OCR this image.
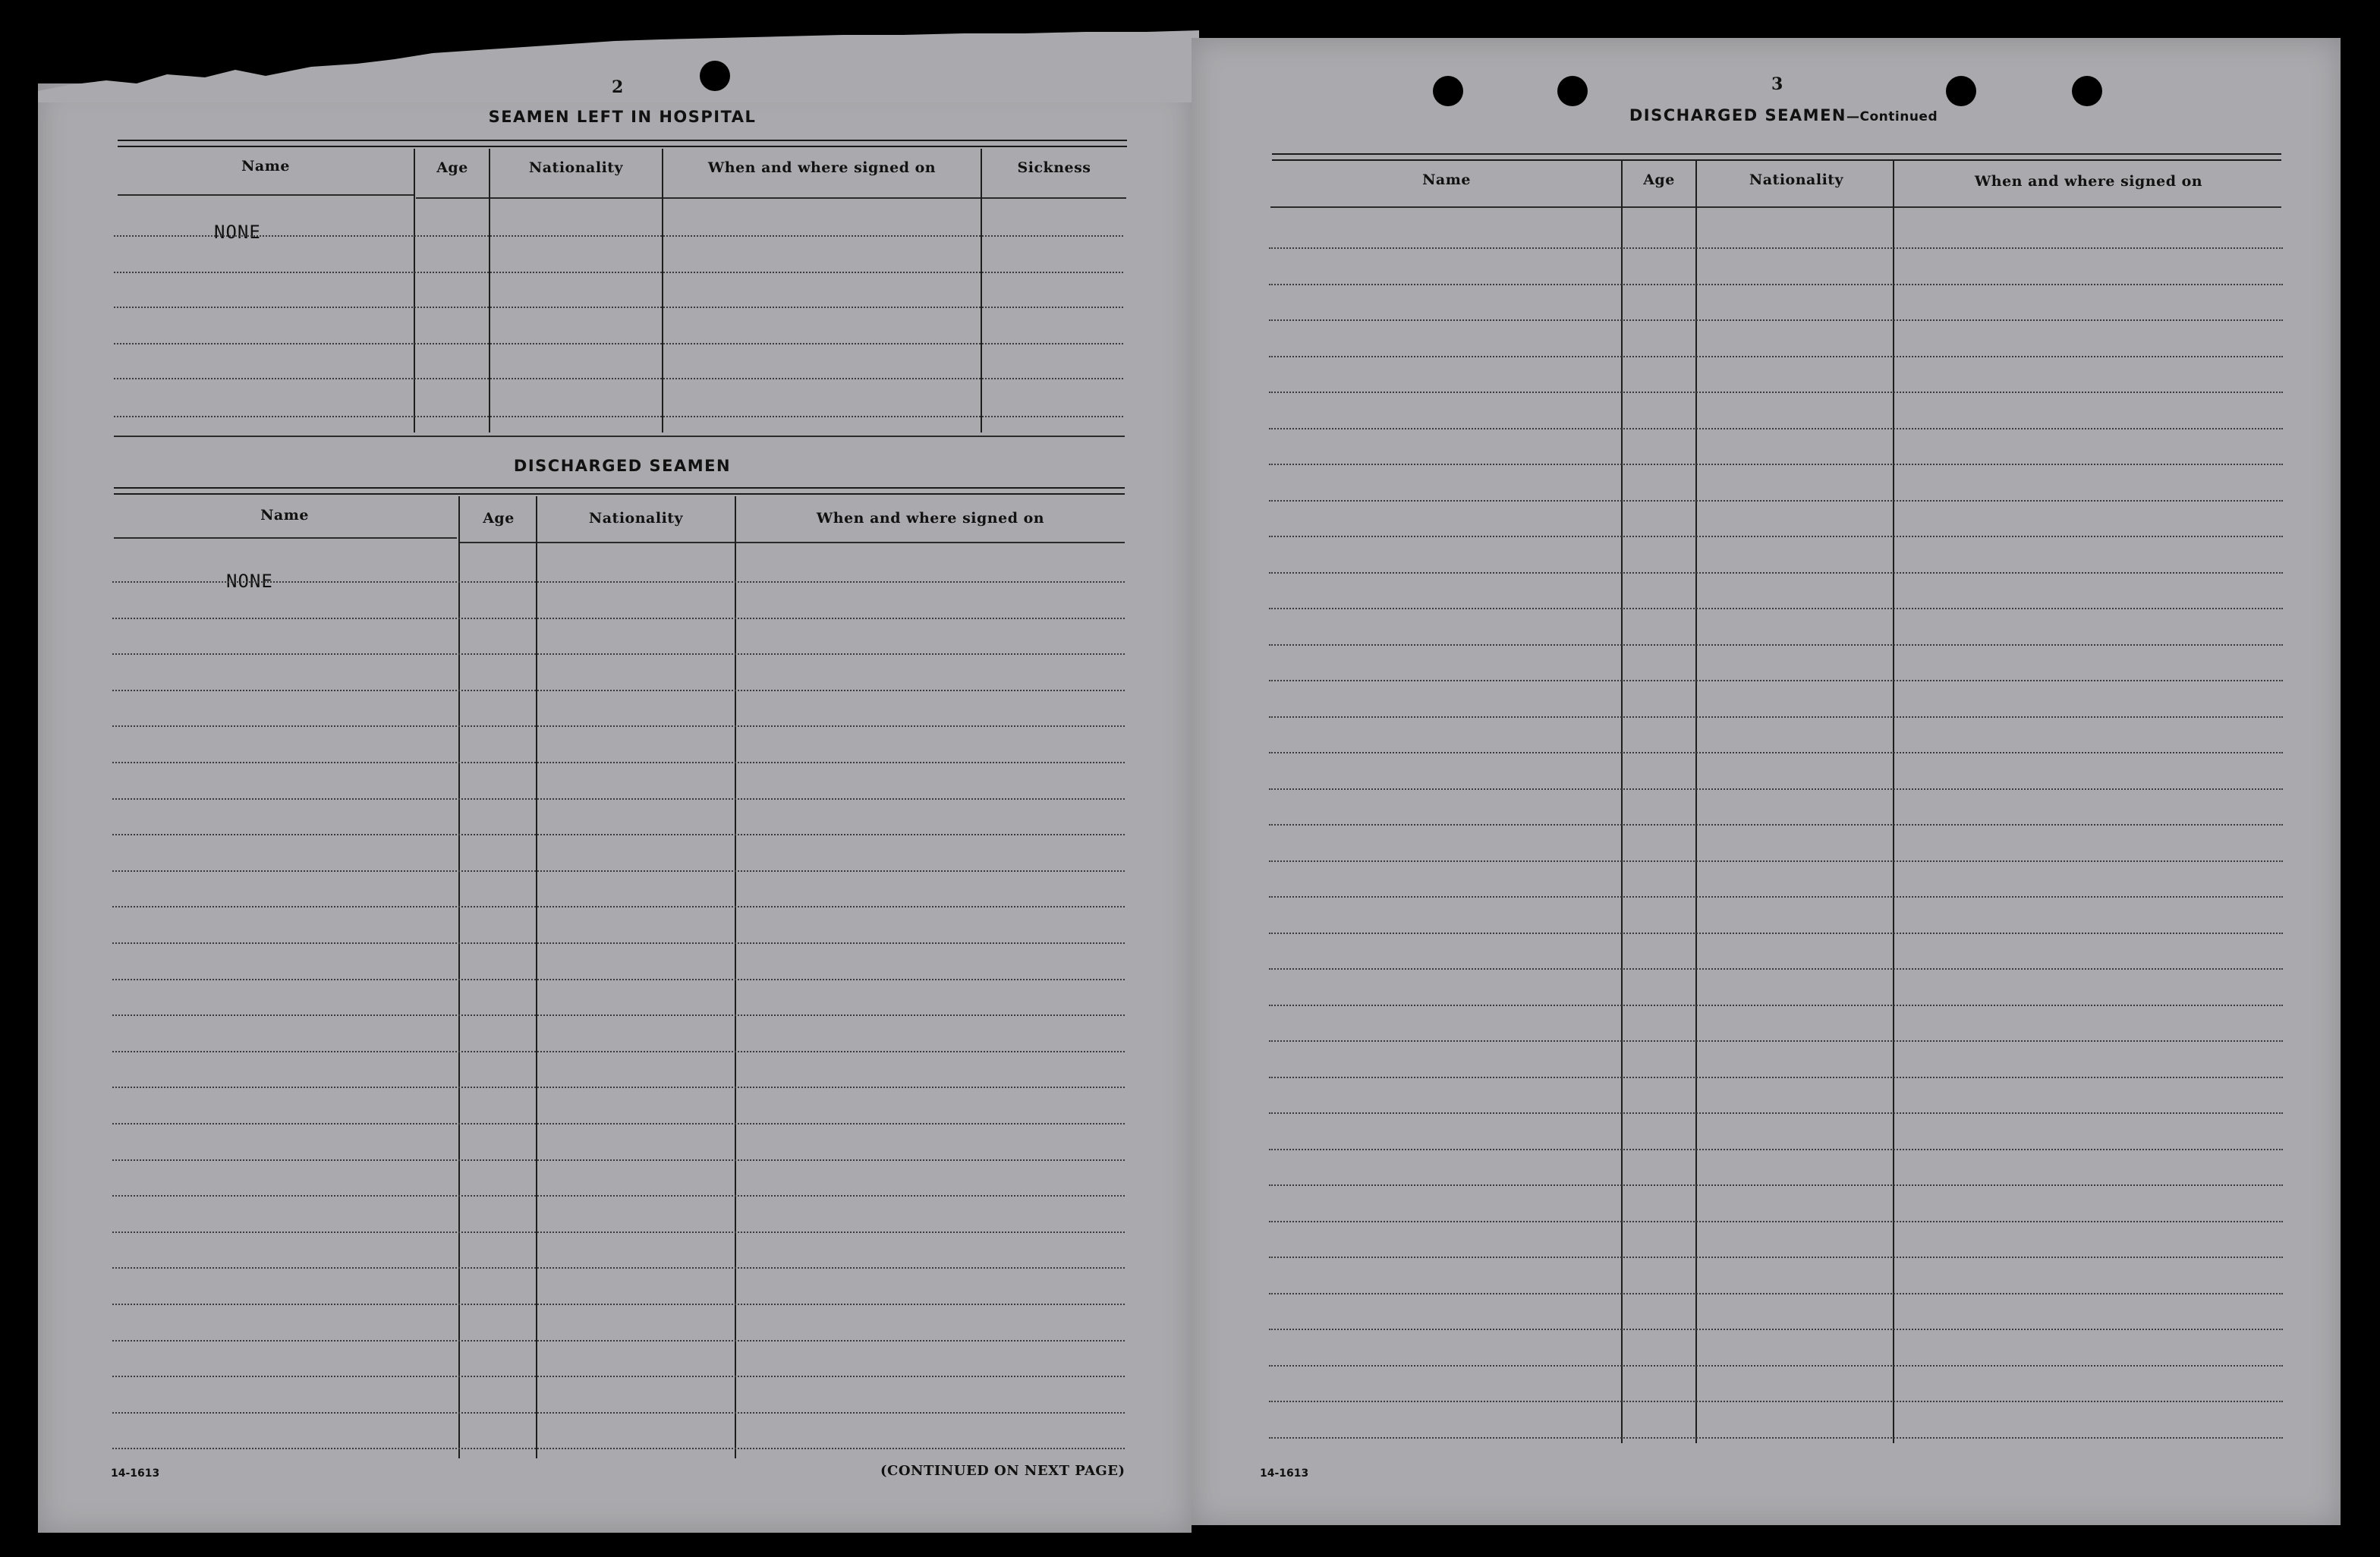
2
SEAMEN LEFT IN HOSPITAL
Name	Age	Nationality	When and where signed on	Sickness
NONE
DISCHARGED SEAMEN
Name	Age	Nationality	When and where signed on
NONE
14-1613	(CONTINUED ON NEXT PAGE)
3
DISCHARGED SEAMEN—Continued
Name	Age	Nationality	When and where signed on
14-1613
